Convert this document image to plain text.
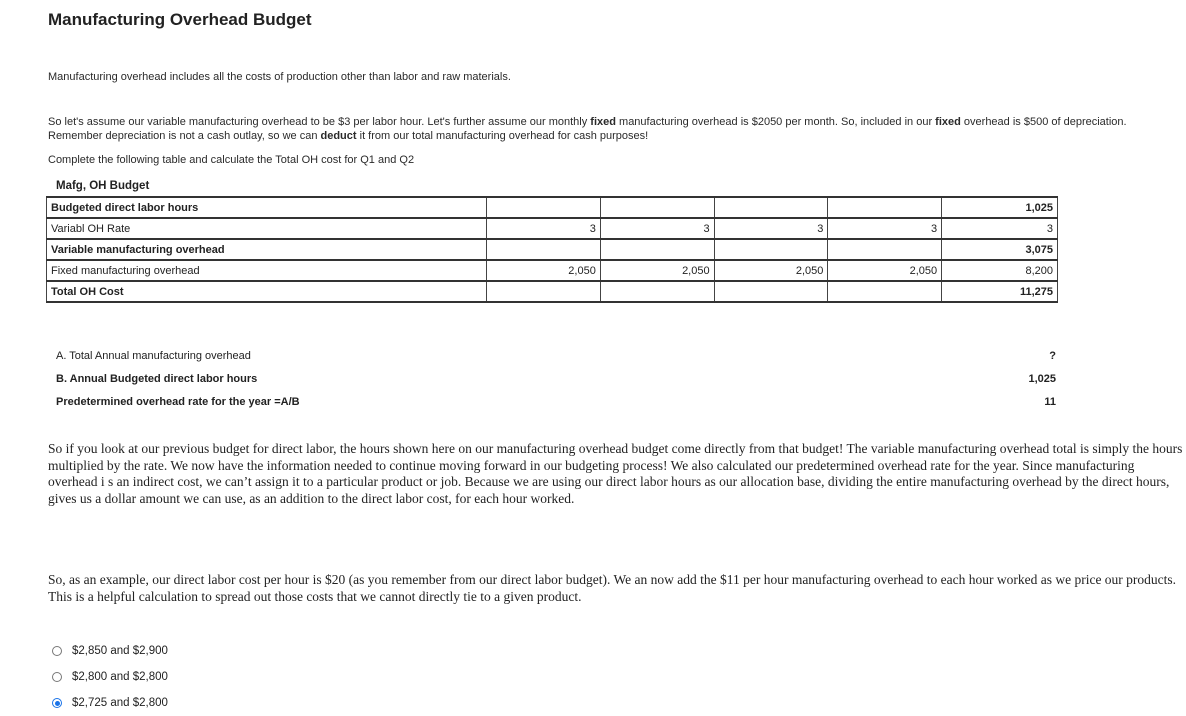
Manufacturing Overhead Budget
Manufacturing overhead includes all the costs of production other than labor and raw materials.
So let's assume our variable manufacturing overhead to be $3 per labor hour. Let's further assume our monthly fixed manufacturing overhead is $2050 per month. So, included in our fixed overhead is $500 of depreciation. Remember depreciation is not a cash outlay, so we can deduct it from our total manufacturing overhead for cash purposes!
Complete the following table and calculate the Total OH cost for Q1 and Q2
Mafg, OH Budget
Budgeted direct labor hours					1,025
Variabl OH Rate	3	3	3	3	3
Variable manufacturing overhead					3,075
Fixed manufacturing overhead	2,050	2,050	2,050	2,050	8,200
Total OH Cost					11,275
A. Total Annual manufacturing overhead	?
B. Annual Budgeted direct labor hours	1,025
Predetermined overhead rate for the year =A/B	11
So if you look at our previous budget for direct labor, the hours shown here on our manufacturing overhead budget come directly from that budget! The variable manufacturing overhead total is simply the hours multiplied by the rate. We now have the information needed to continue moving forward in our budgeting process! We also calculated our predetermined overhead rate for the year. Since manufacturing overhead i s an indirect cost, we can’t assign it to a particular product or job. Because we are using our direct labor hours as our allocation base, dividing the entire manufacturing overhead by the direct hours, gives us a dollar amount we can use, as an addition to the direct labor cost, for each hour worked.
So, as an example, our direct labor cost per hour is $20 (as you remember from our direct labor budget). We an now add the $11 per hour manufacturing overhead to each hour worked as we price our products. This is a helpful calculation to spread out those costs that we cannot directly tie to a given product.
$2,850 and $2,900
$2,800 and $2,800
$2,725 and $2,800
